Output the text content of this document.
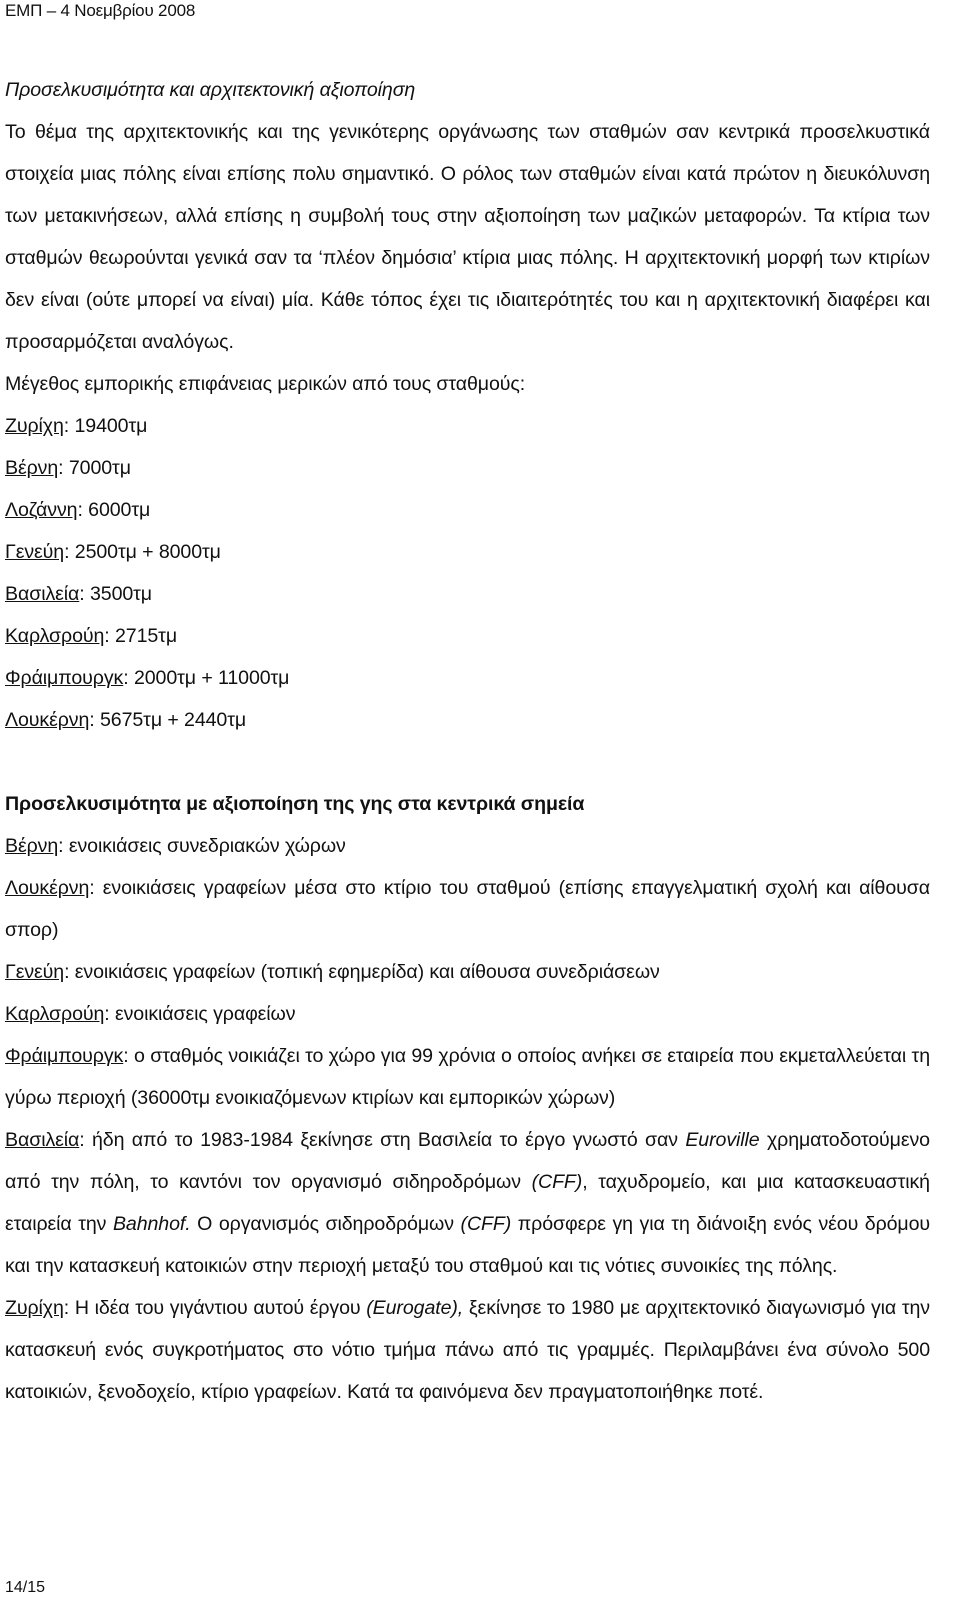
ΕΜΠ – 4 Νοεμβρίου 2008

Προσελκυσιμότητα και αρχιτεκτονική αξιοποίηση

Το θέμα της αρχιτεκτονικής και της γενικότερης οργάνωσης των σταθμών σαν κεντρικά προσελκυστικά στοιχεία μιας πόλης είναι επίσης πολυ σημαντικό. Ο ρόλος των σταθμών είναι κατά πρώτον η διευκόλυνση των μετακινήσεων, αλλά επίσης η συμβολή τους στην αξιοποίηση των μαζικών μεταφορών. Τα κτίρια των σταθμών θεωρούνται γενικά σαν τα ‘πλέον δημόσια’ κτίρια μιας πόλης. Η αρχιτεκτονική μορφή των κτιρίων δεν είναι (ούτε μπορεί να είναι) μία. Κάθε τόπος έχει τις ιδιαιτερότητές του και η αρχιτεκτονική διαφέρει και προσαρμόζεται αναλόγως.

Μέγεθος εμπορικής επιφάνειας μερικών από τους σταθμούς:

Ζυρίχη: 19400τμ

Βέρνη: 7000τμ

Λοζάννη: 6000τμ

Γενεύη: 2500τμ + 8000τμ

Βασιλεία: 3500τμ

Καρλσρούη: 2715τμ

Φράιμπουργκ: 2000τμ + 11000τμ

Λουκέρνη: 5675τμ + 2440τμ

Προσελκυσιμότητα με αξιοποίηση της γης στα κεντρικά σημεία

Βέρνη: ενοικιάσεις συνεδριακών χώρων

Λουκέρνη: ενοικιάσεις γραφείων μέσα στο κτίριο του σταθμού (επίσης επαγγελματική σχολή και αίθουσα σπορ)

Γενεύη: ενοικιάσεις γραφείων (τοπική εφημερίδα) και αίθουσα συνεδριάσεων

Καρλσρούη: ενοικιάσεις γραφείων

Φράιμπουργκ: ο σταθμός νοικιάζει το χώρο για 99 χρόνια ο οποίος ανήκει σε εταιρεία που εκμεταλλεύεται τη γύρω περιοχή (36000τμ ενοικιαζόμενων κτιρίων και εμπορικών χώρων)

Βασιλεία: ήδη από το 1983-1984 ξεκίνησε στη Βασιλεία το έργο γνωστό σαν Euroville χρηματοδοτούμενο από την πόλη, το καντόνι τον οργανισμό σιδηροδρόμων (CFF), ταχυδρομείο, και μια κατασκευαστική εταιρεία την Bahnhof. Ο οργανισμός σιδηροδρόμων (CFF) πρόσφερε γη για τη διάνοιξη ενός νέου δρόμου και την κατασκευή κατοικιών στην περιοχή μεταξύ του σταθμού και τις νότιες συνοικίες της πόλης.

Ζυρίχη: Η ιδέα του γιγάντιου αυτού έργου (Eurogate), ξεκίνησε το 1980 με αρχιτεκτονικό διαγωνισμό για την κατασκευή ενός συγκροτήματος στο νότιο τμήμα πάνω από τις γραμμές. Περιλαμβάνει ένα σύνολο 500 κατοικιών, ξενοδοχείο, κτίριο γραφείων. Κατά τα φαινόμενα δεν πραγματοποιήθηκε ποτέ.

14/15
